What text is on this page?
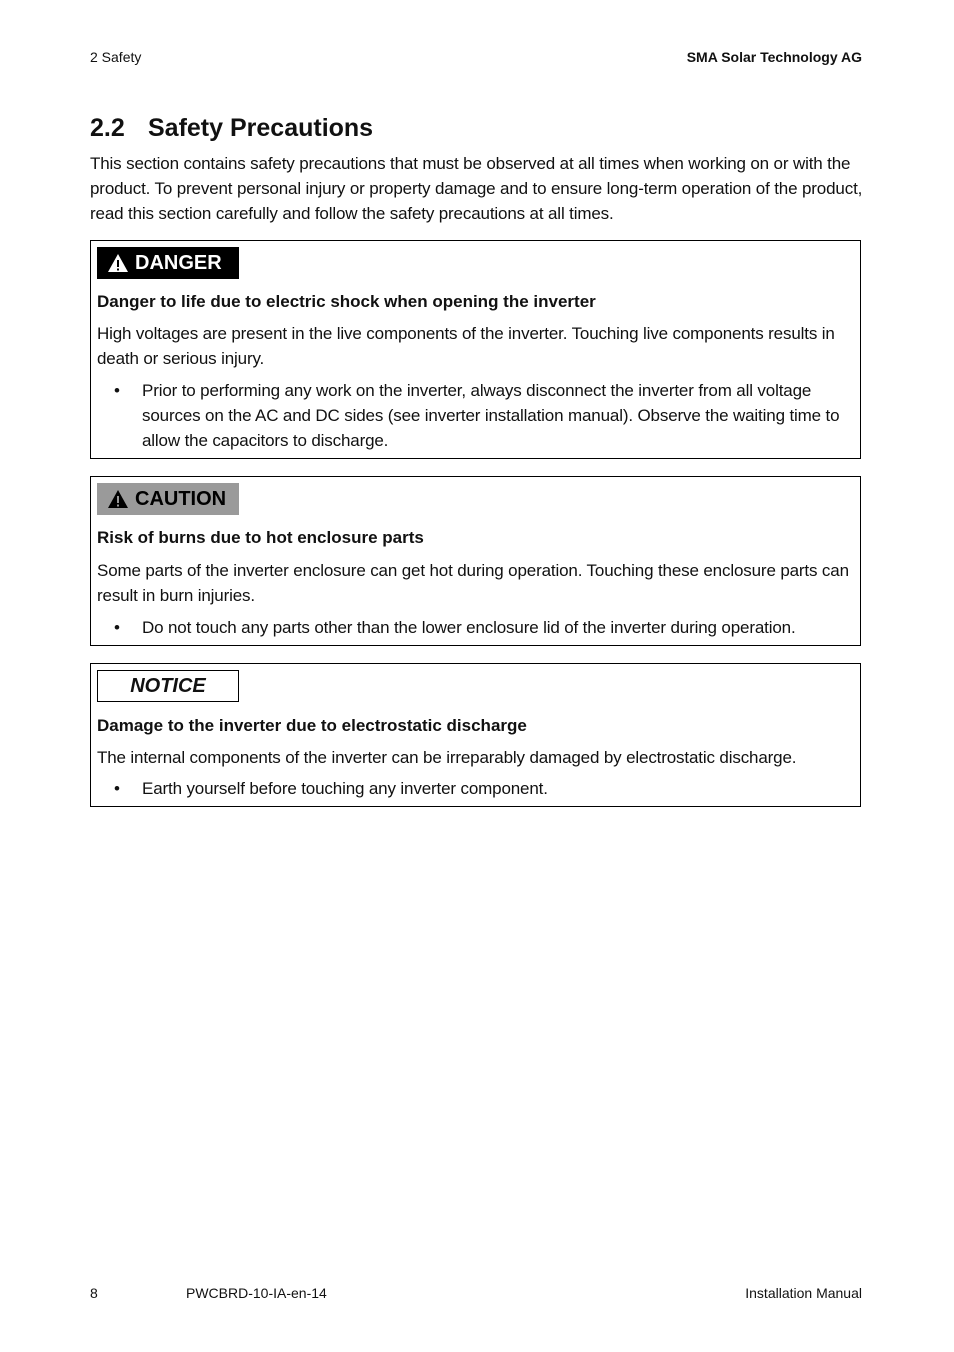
2 Safety	SMA Solar Technology AG
2.2 Safety Precautions

This section contains safety precautions that must be observed at all times when working on or with the product. To prevent personal injury or property damage and to ensure long-term operation of the product, read this section carefully and follow the safety precautions at all times.

DANGER

Danger to life due to electric shock when opening the inverter

High voltages are present in the live components of the inverter. Touching live components results in death or serious injury.

•	Prior to performing any work on the inverter, always disconnect the inverter from all voltage sources on the AC and DC sides (see inverter installation manual). Observe the waiting time to allow the capacitors to discharge.
CAUTION

Risk of burns due to hot enclosure parts

Some parts of the inverter enclosure can get hot during operation. Touching these enclosure parts can result in burn injuries.

•	Do not touch any parts other than the lower enclosure lid of the inverter during operation.
NOTICE

Damage to the inverter due to electrostatic discharge

The internal components of the inverter can be irreparably damaged by electrostatic discharge.

•	Earth yourself before touching any inverter component.
8	PWCBRD-10-IA-en-14	Installation Manual
